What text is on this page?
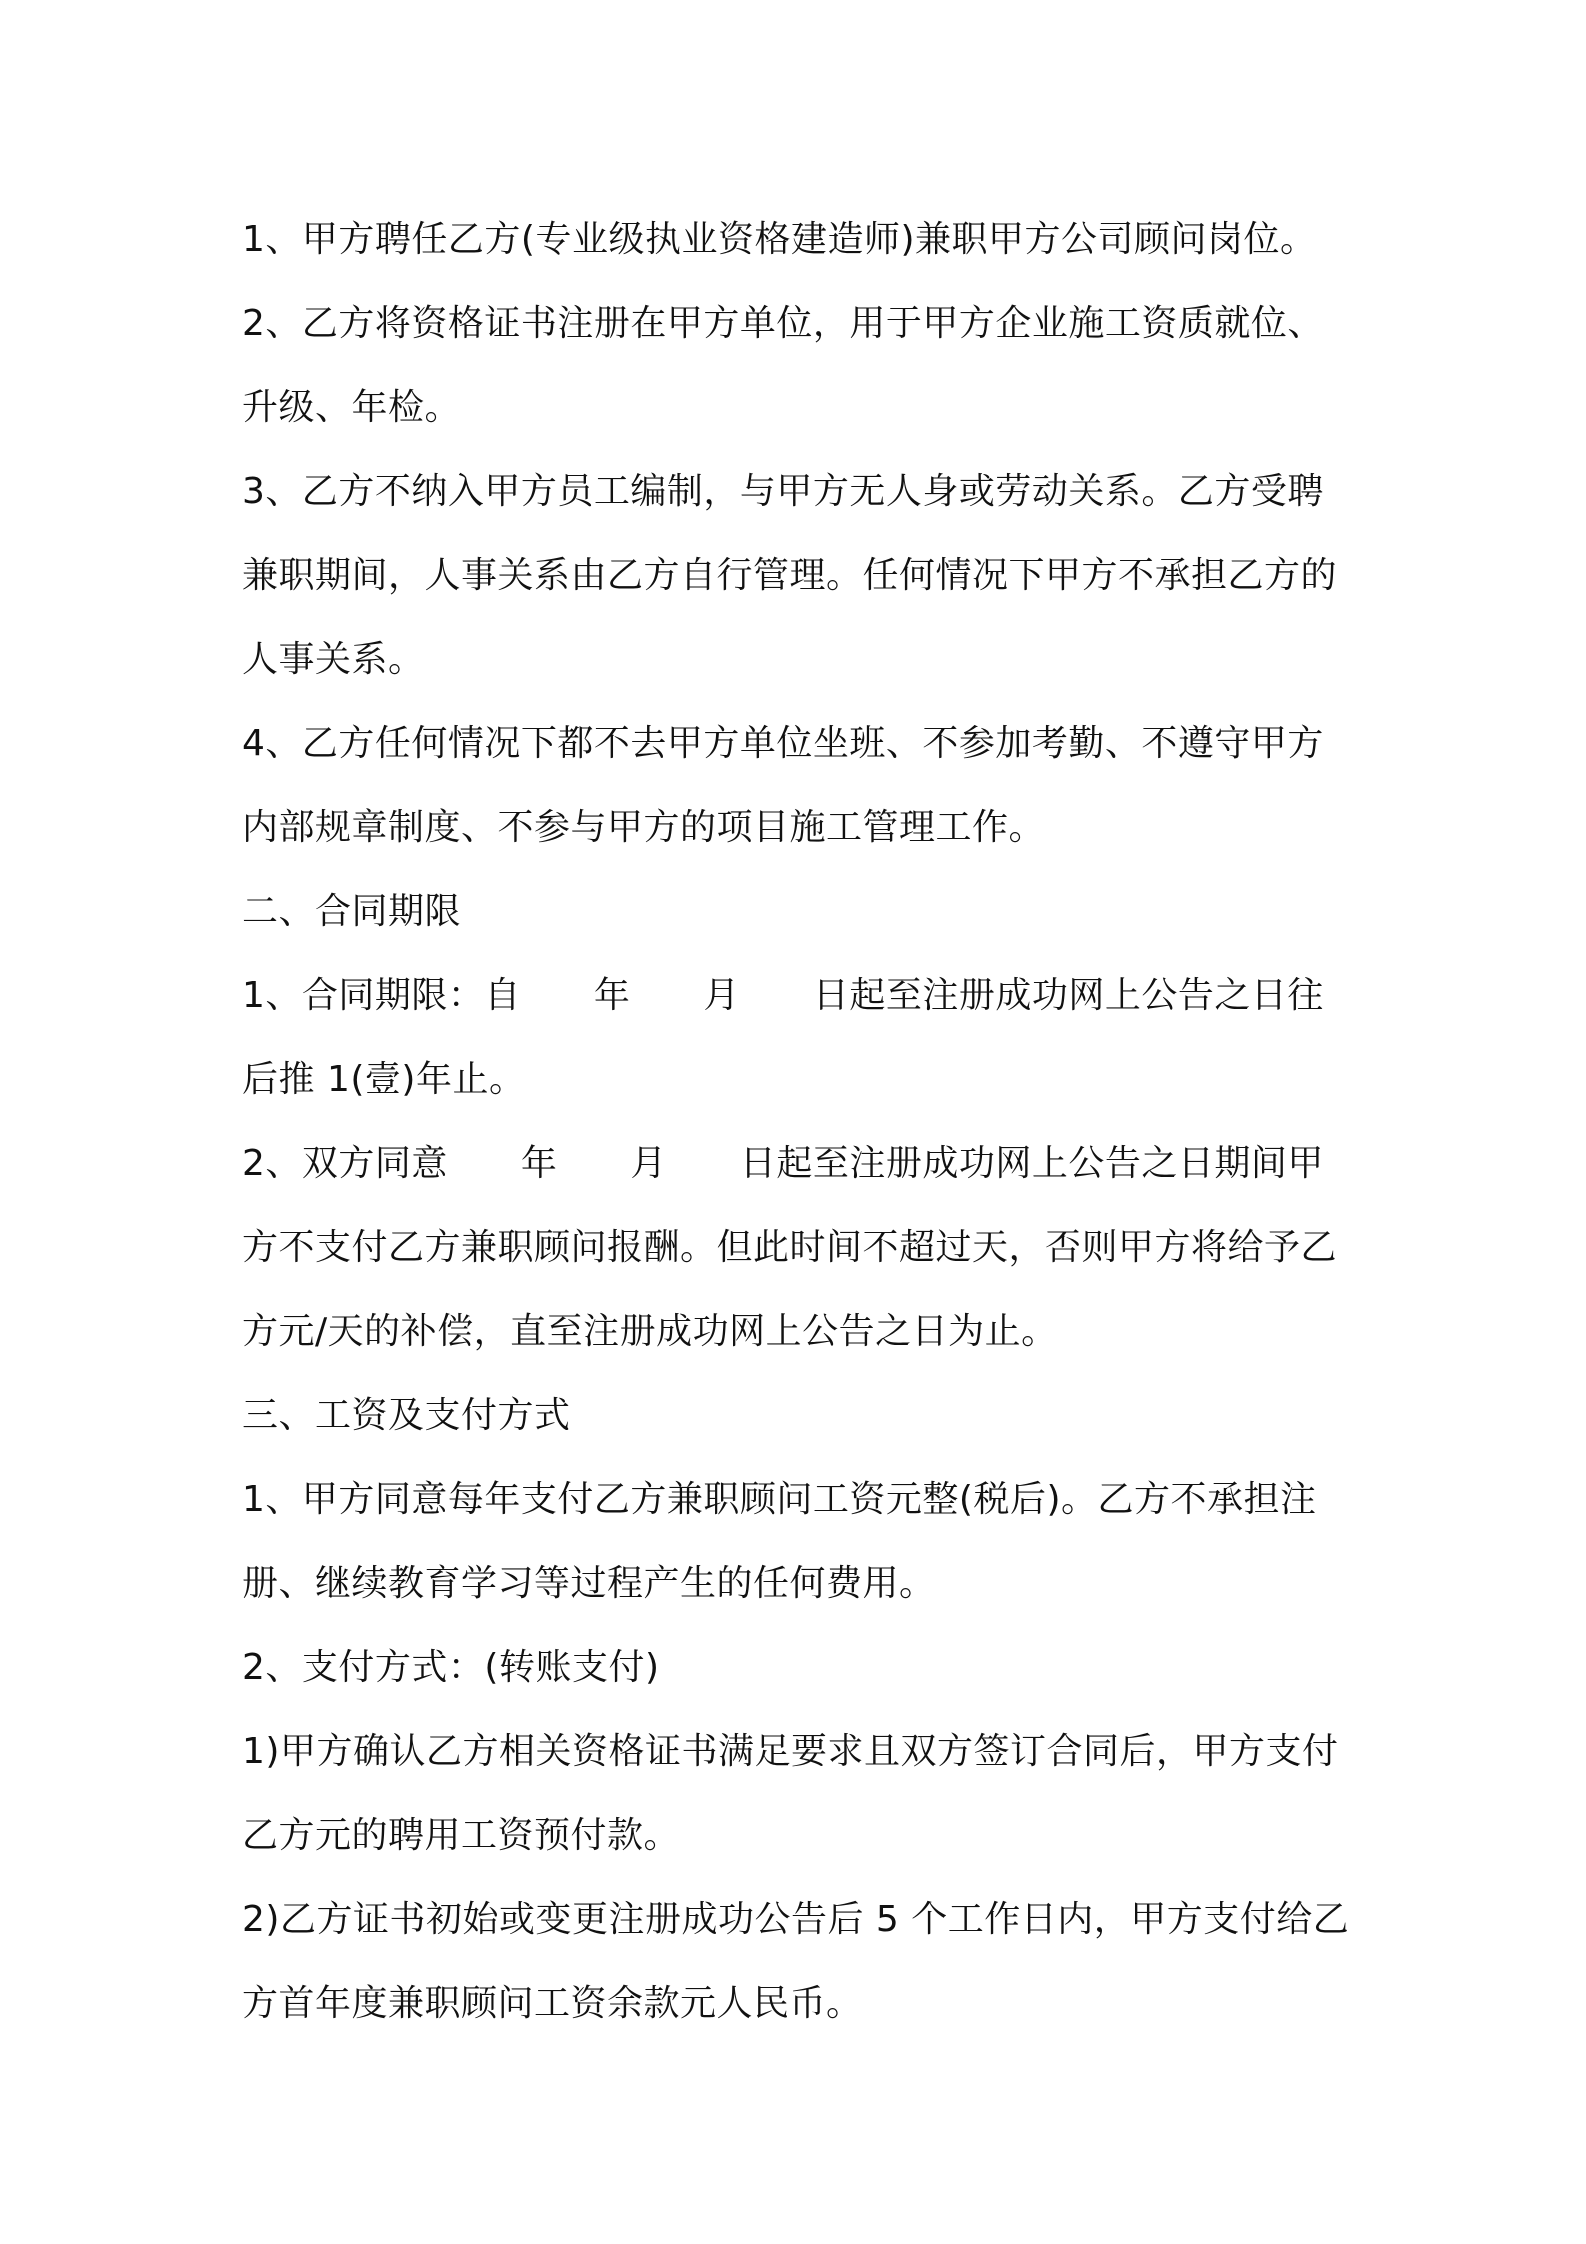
1、甲方聘任乙方(专业级执业资格建造师)兼职甲方公司顾问岗位。
2、乙方将资格证书注册在甲方单位，用于甲方企业施工资质就位、
升级、年检。
3、乙方不纳入甲方员工编制，与甲方无人身或劳动关系。乙方受聘
兼职期间，人事关系由乙方自行管理。任何情况下甲方不承担乙方的
人事关系。
4、乙方任何情况下都不去甲方单位坐班、不参加考勤、不遵守甲方
内部规章制度、不参与甲方的项目施工管理工作。
二、合同期限
1、合同期限：自　　年　　月　　日起至注册成功网上公告之日往
后推 1(壹)年止。
2、双方同意　　年　　月　　日起至注册成功网上公告之日期间甲
方不支付乙方兼职顾问报酬。但此时间不超过天，否则甲方将给予乙
方元/天的补偿，直至注册成功网上公告之日为止。
三、工资及支付方式
1、甲方同意每年支付乙方兼职顾问工资元整(税后)。乙方不承担注
册、继续教育学习等过程产生的任何费用。
2、支付方式：(转账支付)
1)甲方确认乙方相关资格证书满足要求且双方签订合同后，甲方支付
乙方元的聘用工资预付款。
2)乙方证书初始或变更注册成功公告后 5 个工作日内，甲方支付给乙
方首年度兼职顾问工资余款元人民币。
